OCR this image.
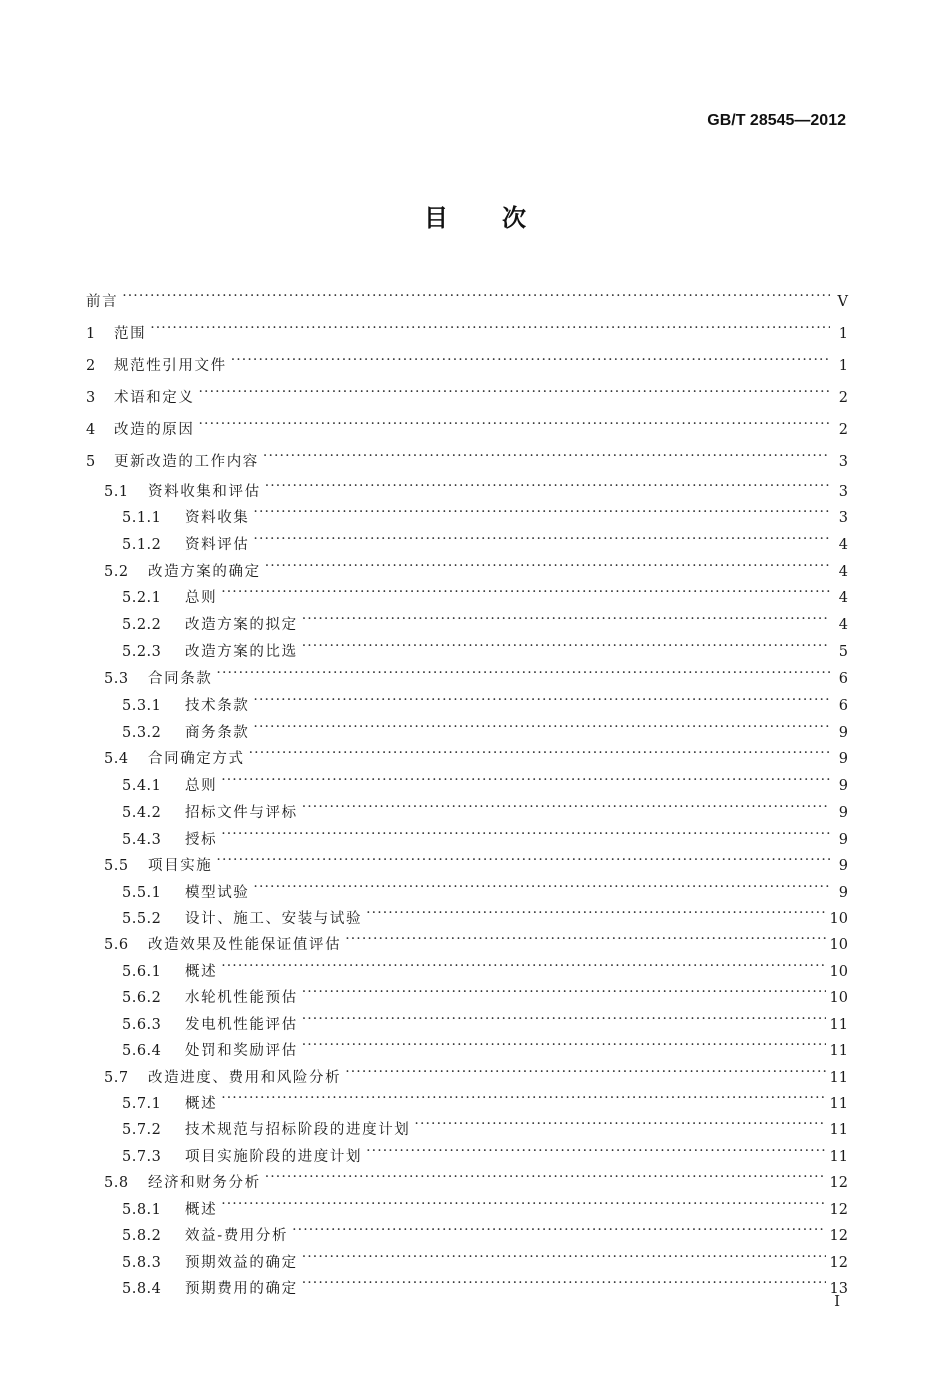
GB/T 28545—2012
目次
前言 ·····	V
1	范围 ·····	1
2	规范性引用文件 ·····	1
3	术语和定义 ·····	2
4	改造的原因 ·····	2
5	更新改造的工作内容 ·····	3
5.1	资料收集和评估 ·····	3
5.1.1	资料收集 ·····	3
5.1.2	资料评估 ·····	4
5.2	改造方案的确定 ·····	4
5.2.1	总则 ·····	4
5.2.2	改造方案的拟定 ·····	4
5.2.3	改造方案的比选 ·····	5
5.3	合同条款 ·····	6
5.3.1	技术条款 ·····	6
5.3.2	商务条款 ·····	9
5.4	合同确定方式 ·····	9
5.4.1	总则 ·····	9
5.4.2	招标文件与评标 ·····	9
5.4.3	授标 ·····	9
5.5	项目实施 ·····	9
5.5.1	模型试验 ·····	9
5.5.2	设计、施工、安装与试验 ·····	10
5.6	改造效果及性能保证值评估 ·····	10
5.6.1	概述 ·····	10
5.6.2	水轮机性能预估 ·····	10
5.6.3	发电机性能评估 ·····	11
5.6.4	处罚和奖励评估 ·····	11
5.7	改造进度、费用和风险分析 ·····	11
5.7.1	概述 ·····	11
5.7.2	技术规范与招标阶段的进度计划 ·····	11
5.7.3	项目实施阶段的进度计划 ·····	11
5.8	经济和财务分析 ·····	12
5.8.1	概述 ·····	12
5.8.2	效益-费用分析 ·····	12
5.8.3	预期效益的确定 ·····	12
5.8.4	预期费用的确定 ·····	13
I
